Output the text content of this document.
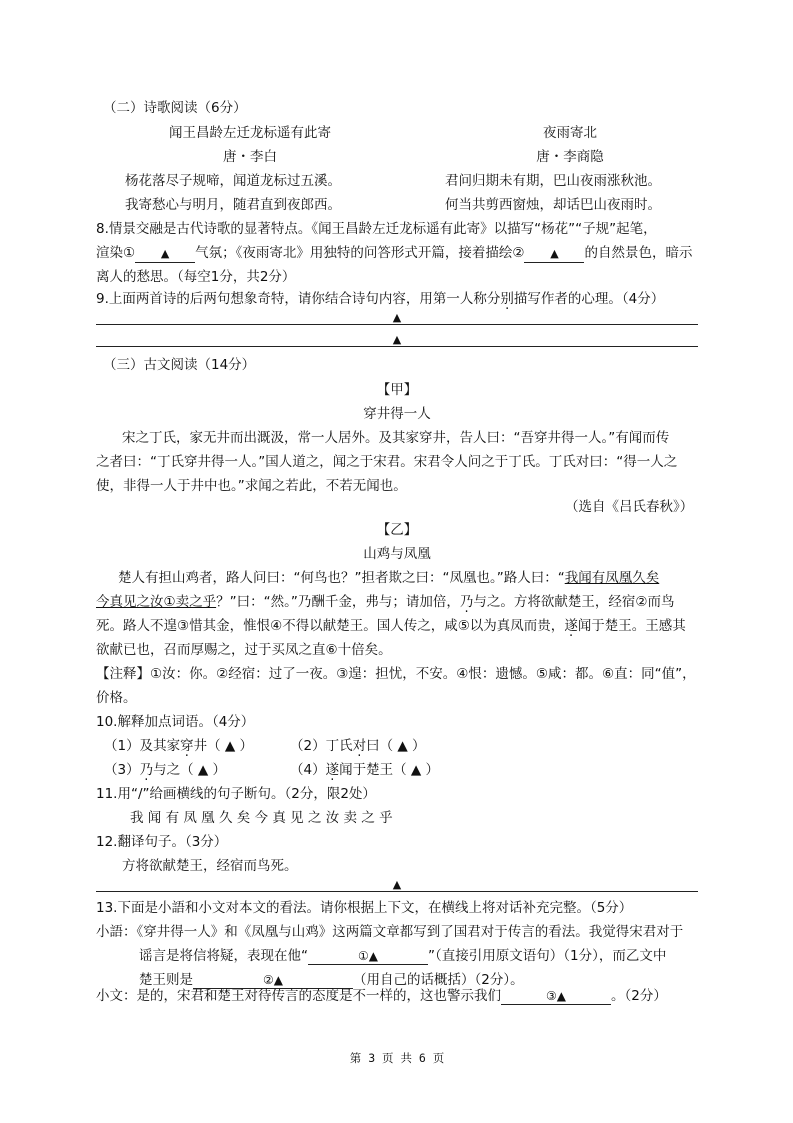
（二）诗歌阅读（6分）
闻王昌龄左迁龙标遥有此寄	夜雨寄北
唐・李白	唐・李商隐
杨花落尽子规啼，闻道龙标过五溪。	君问归期未有期，巴山夜雨涨秋池。
我寄愁心与明月，随君直到夜郎西。	何当共剪西窗烛，却话巴山夜雨时。
8.情景交融是古代诗歌的显著特点。《闻王昌龄左迁龙标遥有此寄》以描写“杨花”“子规”起笔，
渲染① ▲ 气氛；《夜雨寄北》用独特的问答形式开篇，接着描绘② ▲ 的自然景色，暗示
离人的愁思。（每空1分，共2分）
9.上面两首诗的后两句想象奇特，请你结合诗句内容，用第一人称分别描写作者的心理。（4分）
▲
▲
（三）古文阅读（14分）
【甲】
穿井得一人
宋之丁氏，家无井而出溉汲，常一人居外。及其家穿井，告人曰：“吾穿井得一人。”有闻而传
之者曰：“丁氏穿井得一人。”国人道之，闻之于宋君。宋君令人问之于丁氏。丁氏对曰：“得一人之
使，非得一人于井中也。”求闻之若此，不若无闻也。
（选自《吕氏春秋》）
【乙】
山鸡与凤凰
楚人有担山鸡者，路人问曰：“何鸟也？”担者欺之曰：“凤凰也。”路人曰：“我闻有凤凰久矣
今真见之汝①卖之乎？”曰：“然。”乃酬千金，弗与；请加倍，乃与之。方将欲献楚王，经宿②而鸟
死。路人不遑③惜其金，惟恨④不得以献楚王。国人传之，咸⑤以为真凤而贵，遂闻于楚王。王感其
欲献已也，召而厚赐之，过于买凤之直⑥十倍矣。
【注释】①汝：你。②经宿：过了一夜。③遑：担忧，不安。④恨：遗憾。⑤咸：都。⑥直：同“值”，
价格。
10.解释加点词语。（4分）
（1）及其家穿井（ ▲ ）	（2）丁氏对曰（ ▲ ）
（3）乃与之（ ▲ ）	（4）遂闻于楚王（ ▲ ）
11.用“/”给画横线的句子断句。（2分，限2处）
我 闻 有 凤 凰 久 矣 今 真 见 之 汝 卖 之 乎
12.翻译句子。（3分）
方将欲献楚王，经宿而鸟死。
▲
13.下面是小語和小文对本文的看法。请你根据上下文，在横线上将对话补充完整。（5分）
小語：《穿井得一人》和《凤凰与山鸡》这两篇文章都写到了国君对于传言的看法。我觉得宋君对于
谣言是将信将疑，表现在他“	①▲	”（直接引用原文语句）（1分），而乙文中
楚王则是	②▲	（用自己的话概括）（2分）。
小文：是的，宋君和楚王对待传言的态度是不一样的，这也警示我们	③▲	。（2分）
第 3 页 共 6 页
